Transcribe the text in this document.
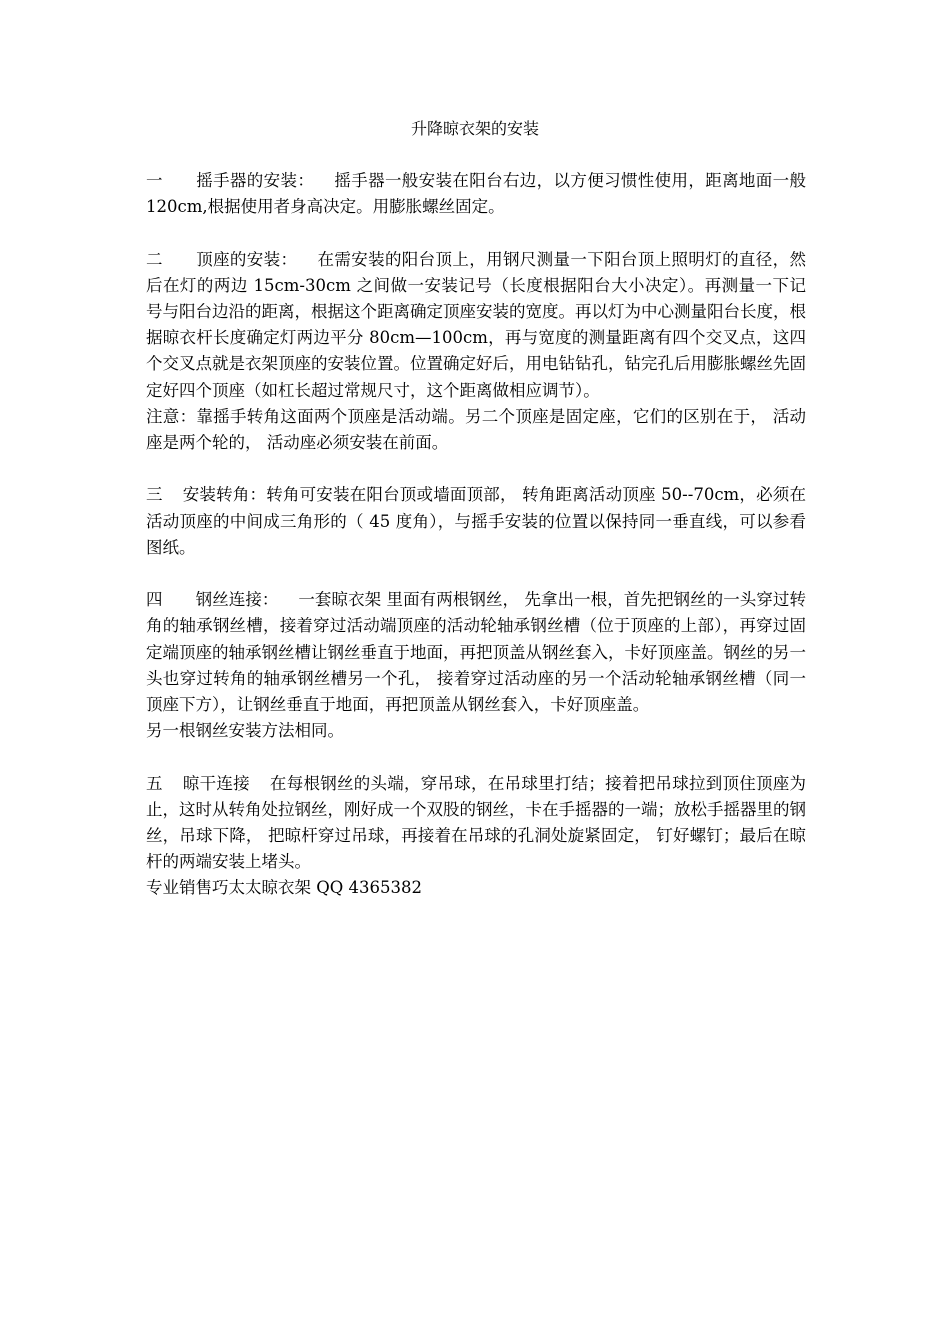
升降晾衣架的安装

一 摇手器的安装： 摇手器一般安装在阳台右边，以方便习惯性使用，距离地面一般 120cm,根据使用者身高决定。用膨胀螺丝固定。

二 顶座的安装： 在需安装的阳台顶上，用钢尺测量一下阳台顶上照明灯的直径，然后在灯的两边 15cm-30cm 之间做一安装记号（长度根据阳台大小决定）。再测量一下记号与阳台边沿的距离，根据这个距离确定顶座安装的宽度。再以灯为中心测量阳台长度，根据晾衣杆长度确定灯两边平分 80cm—100cm，再与宽度的测量距离有四个交叉点，这四个交叉点就是衣架顶座的安装位置。位置确定好后，用电钻钻孔，钻完孔后用膨胀螺丝先固定好四个顶座（如杠长超过常规尺寸，这个距离做相应调节）。

注意：靠摇手转角这面两个顶座是活动端。另二个顶座是固定座，它们的区别在于， 活动座是两个轮的， 活动座必须安装在前面。

三 安装转角：转角可安装在阳台顶或墙面顶部， 转角距离活动顶座 50--70cm，必须在活动顶座的中间成三角形的（ 45 度角），与摇手安装的位置以保持同一垂直线，可以参看图纸。

四 钢丝连接： 一套晾衣架 里面有两根钢丝， 先拿出一根，首先把钢丝的一头穿过转角的轴承钢丝槽，接着穿过活动端顶座的活动轮轴承钢丝槽（位于顶座的上部），再穿过固定端顶座的轴承钢丝槽让钢丝垂直于地面，再把顶盖从钢丝套入，卡好顶座盖。钢丝的另一头也穿过转角的轴承钢丝槽另一个孔， 接着穿过活动座的另一个活动轮轴承钢丝槽（同一顶座下方），让钢丝垂直于地面，再把顶盖从钢丝套入，卡好顶座盖。

另一根钢丝安装方法相同。

五 晾干连接 在每根钢丝的头端，穿吊球，在吊球里打结；接着把吊球拉到顶住顶座为止，这时从转角处拉钢丝，刚好成一个双股的钢丝，卡在手摇器的一端；放松手摇器里的钢丝，吊球下降， 把晾杆穿过吊球，再接着在吊球的孔洞处旋紧固定， 钉好螺钉；最后在晾杆的两端安装上堵头。

专业销售巧太太晾衣架 QQ 4365382
